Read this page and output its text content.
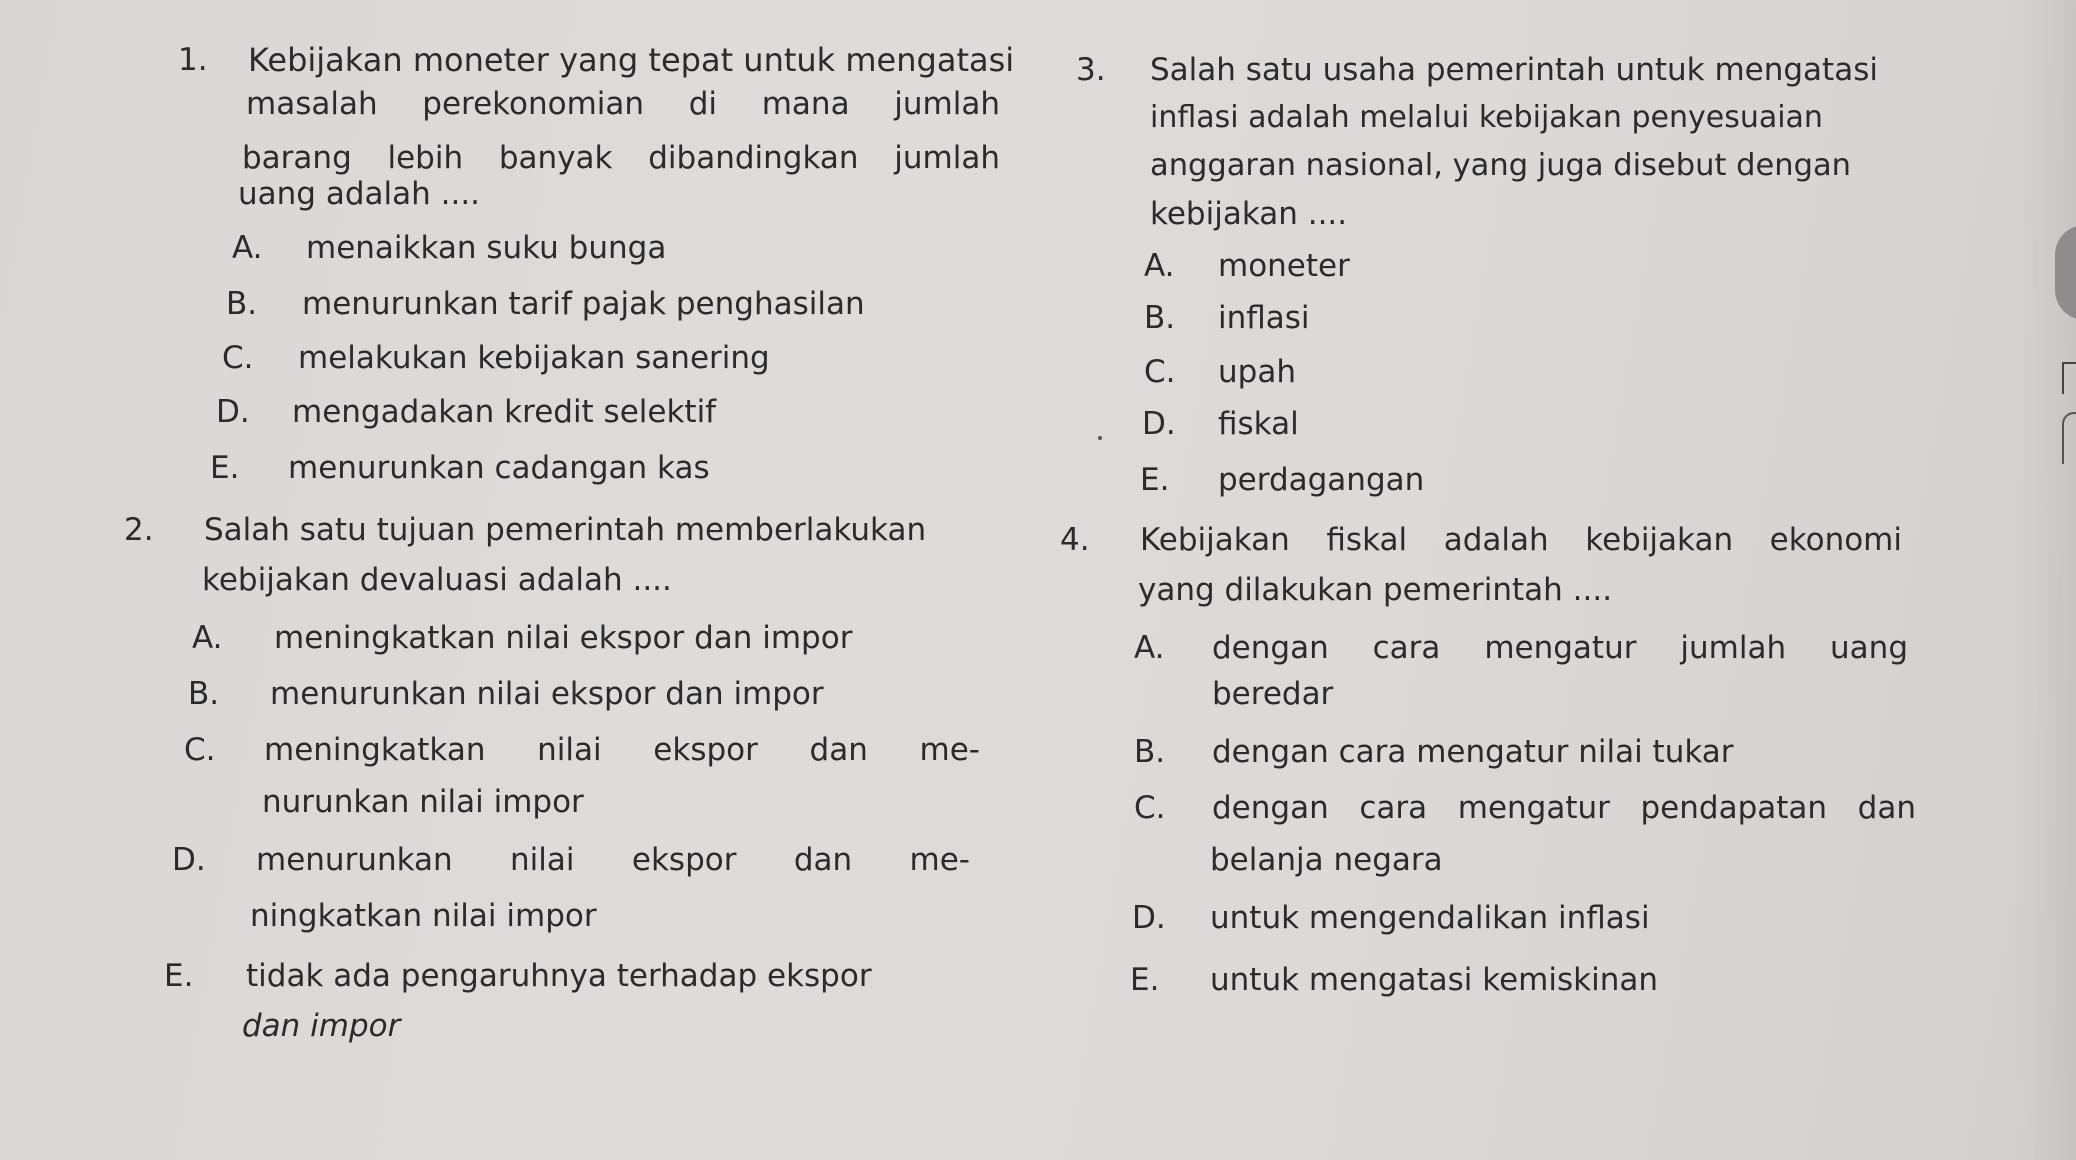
1. Kebijakan moneter yang tepat untuk mengatasi
masalah perekonomian di mana jumlah
barang lebih banyak dibandingkan jumlah
uang adalah ....
A. menaikkan suku bunga
B. menurunkan tarif pajak penghasilan
C. melakukan kebijakan sanering
D. mengadakan kredit selektif
E. menurunkan cadangan kas
2. Salah satu tujuan pemerintah memberlakukan
kebijakan devaluasi adalah ....
A. meningkatkan nilai ekspor dan impor
B. menurunkan nilai ekspor dan impor
C. meningkatkan nilai ekspor dan me-
nurunkan nilai impor
D. menurunkan nilai ekspor dan me-
ningkatkan nilai impor
E. tidak ada pengaruhnya terhadap ekspor
dan impor
3. Salah satu usaha pemerintah untuk mengatasi
inflasi adalah melalui kebijakan penyesuaian
anggaran nasional, yang juga disebut dengan
kebijakan ....
A. moneter
B. inflasi
C. upah
D. fiskal
E. perdagangan
4. Kebijakan fiskal adalah kebijakan ekonomi
yang dilakukan pemerintah ....
A. dengan cara mengatur jumlah uang
beredar
B. dengan cara mengatur nilai tukar
C. dengan cara mengatur pendapatan dan
belanja negara
D. untuk mengendalikan inflasi
E. untuk mengatasi kemiskinan
